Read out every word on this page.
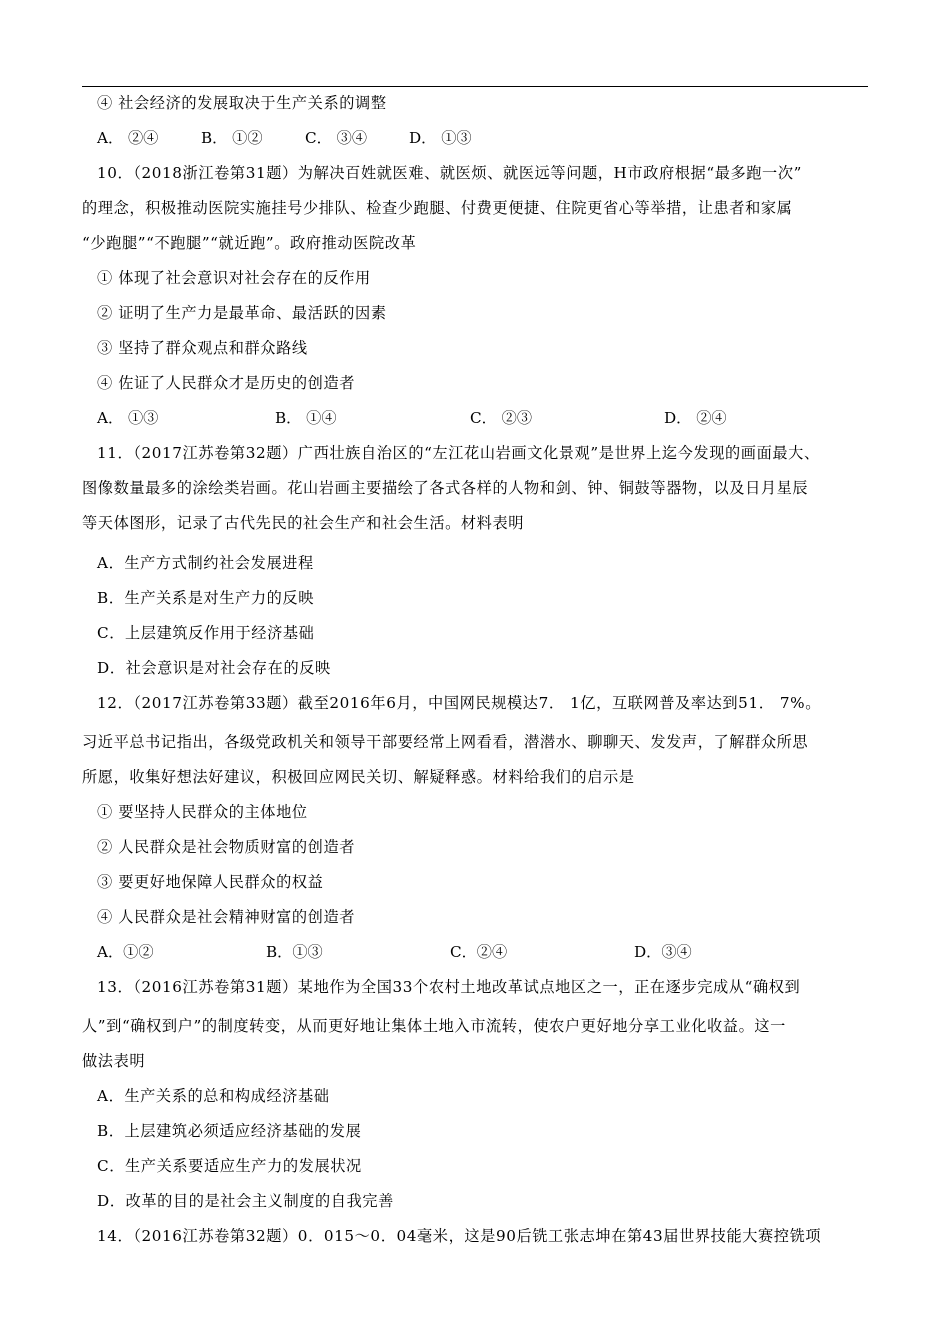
④ 社会经济的发展取决于生产关系的调整
A． ②④	B． ①②	C． ③④	D． ①③
10．（2018浙江卷第31题）为解决百姓就医难、就医烦、就医远等问题，H市政府根据“最多跑一次”
的理念，积极推动医院实施挂号少排队、检查少跑腿、付费更便捷、住院更省心等举措，让患者和家属
“少跑腿”“不跑腿”“就近跑”。政府推动医院改革
① 体现了社会意识对社会存在的反作用
② 证明了生产力是最革命、最活跃的因素
③ 坚持了群众观点和群众路线
④ 佐证了人民群众才是历史的创造者
A． ①③	B． ①④	C． ②③	D． ②④
11．（2017江苏卷第32题）广西壮族自治区的“左江花山岩画文化景观”是世界上迄今发现的画面最大、
图像数量最多的涂绘类岩画。花山岩画主要描绘了各式各样的人物和剑、钟、铜鼓等器物，以及日月星辰
等天体图形，记录了古代先民的社会生产和社会生活。材料表明
A．生产方式制约社会发展进程
B．生产关系是对生产力的反映
C．上层建筑反作用于经济基础
D．社会意识是对社会存在的反映
12．（2017江苏卷第33题）截至2016年6月，中国网民规模达7． 1亿，互联网普及率达到51． 7%。
习近平总书记指出，各级党政机关和领导干部要经常上网看看，潜潜水、聊聊天、发发声，了解群众所思
所愿，收集好想法好建议，积极回应网民关切、解疑释惑。材料给我们的启示是
① 要坚持人民群众的主体地位
② 人民群众是社会物质财富的创造者
③ 要更好地保障人民群众的权益
④ 人民群众是社会精神财富的创造者
A．①②	B．①③	C．②④	D．③④
13．（2016江苏卷第31题）某地作为全国33个农村土地改革试点地区之一，正在逐步完成从“确权到
人”到“确权到户”的制度转变，从而更好地让集体土地入市流转，使农户更好地分享工业化收益。这一
做法表明
A．生产关系的总和构成经济基础
B．上层建筑必须适应经济基础的发展
C．生产关系要适应生产力的发展状况
D．改革的目的是社会主义制度的自我完善
14．（2016江苏卷第32题）0．015～0．04毫米，这是90后铣工张志坤在第43届世界技能大赛控铣项
